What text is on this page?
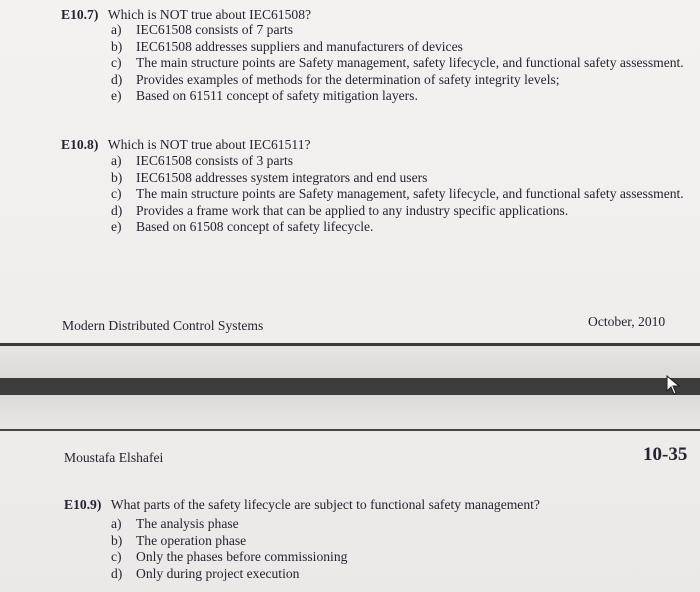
E10.7) Which is NOT true about IEC61508?
a) IEC61508 consists of 7 parts
b) IEC61508 addresses suppliers and manufacturers of devices
c) The main structure points are Safety management, safety lifecycle, and functional safety assessment.
d) Provides examples of methods for the determination of safety integrity levels;
e) Based on 61511 concept of safety mitigation layers.
E10.8) Which is NOT true about IEC61511?
a) IEC61508 consists of 3 parts
b) IEC61508 addresses system integrators and end users
c) The main structure points are Safety management, safety lifecycle, and functional safety assessment.
d) Provides a frame work that can be applied to any industry specific applications.
e) Based on 61508 concept of safety lifecycle.
Modern Distributed Control Systems	October, 2010
Moustafa Elshafei	10-35
E10.9) What parts of the safety lifecycle are subject to functional safety management?
a) The analysis phase
b) The operation phase
c) Only the phases before commissioning
d) Only during project execution
